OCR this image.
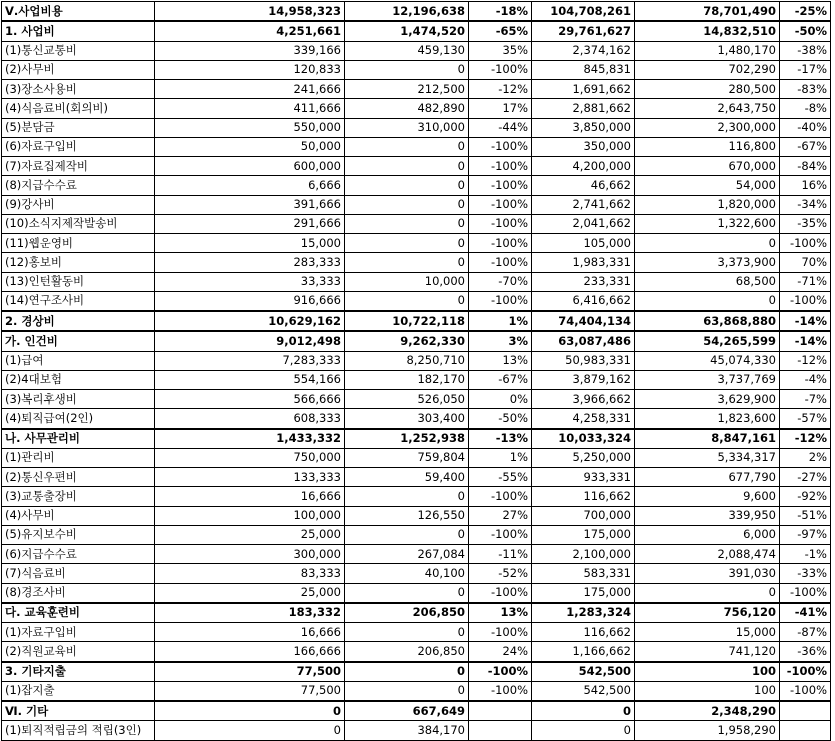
Ⅴ.사업비용	14,958,323	12,196,638	-18%	104,708,261	78,701,490	-25%
1. 사업비	4,251,661	1,474,520	-65%	29,761,627	14,832,510	-50%
(1)통신교통비	339,166	459,130	35%	2,374,162	1,480,170	-38%
(2)사무비	120,833	0	-100%	845,831	702,290	-17%
(3)장소사용비	241,666	212,500	-12%	1,691,662	280,500	-83%
(4)식음료비(회의비)	411,666	482,890	17%	2,881,662	2,643,750	-8%
(5)분담금	550,000	310,000	-44%	3,850,000	2,300,000	-40%
(6)자료구입비	50,000	0	-100%	350,000	116,800	-67%
(7)자료집제작비	600,000	0	-100%	4,200,000	670,000	-84%
(8)지급수수료	6,666	0	-100%	46,662	54,000	16%
(9)강사비	391,666	0	-100%	2,741,662	1,820,000	-34%
(10)소식지제작발송비	291,666	0	-100%	2,041,662	1,322,600	-35%
(11)웹운영비	15,000	0	-100%	105,000	0	-100%
(12)홍보비	283,333	0	-100%	1,983,331	3,373,900	70%
(13)인턴활동비	33,333	10,000	-70%	233,331	68,500	-71%
(14)연구조사비	916,666	0	-100%	6,416,662	0	-100%
2. 경상비	10,629,162	10,722,118	1%	74,404,134	63,868,880	-14%
가. 인건비	9,012,498	9,262,330	3%	63,087,486	54,265,599	-14%
(1)급여	7,283,333	8,250,710	13%	50,983,331	45,074,330	-12%
(2)4대보험	554,166	182,170	-67%	3,879,162	3,737,769	-4%
(3)복리후생비	566,666	526,050	0%	3,966,662	3,629,900	-7%
(4)퇴직급여(2인)	608,333	303,400	-50%	4,258,331	1,823,600	-57%
나. 사무관리비	1,433,332	1,252,938	-13%	10,033,324	8,847,161	-12%
(1)관리비	750,000	759,804	1%	5,250,000	5,334,317	2%
(2)통신우편비	133,333	59,400	-55%	933,331	677,790	-27%
(3)교통출장비	16,666	0	-100%	116,662	9,600	-92%
(4)사무비	100,000	126,550	27%	700,000	339,950	-51%
(5)유지보수비	25,000	0	-100%	175,000	6,000	-97%
(6)지급수수료	300,000	267,084	-11%	2,100,000	2,088,474	-1%
(7)식음료비	83,333	40,100	-52%	583,331	391,030	-33%
(8)경조사비	25,000	0	-100%	175,000	0	-100%
다. 교육훈련비	183,332	206,850	13%	1,283,324	756,120	-41%
(1)자료구입비	16,666	0	-100%	116,662	15,000	-87%
(2)직원교육비	166,666	206,850	24%	1,166,662	741,120	-36%
3. 기타지출	77,500	0	-100%	542,500	100	-100%
(1)잡지출	77,500	0	-100%	542,500	100	-100%
Ⅵ. 기타	0	667,649		0	2,348,290	
(1)퇴직적립금의 적립(3인)	0	384,170		0	1,958,290	
